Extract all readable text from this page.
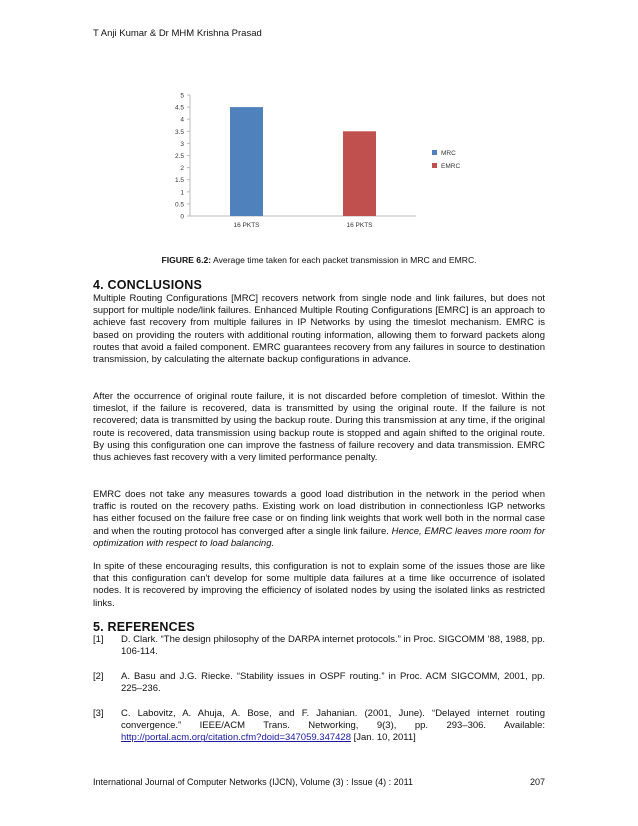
T Anji Kumar & Dr MHM Krishna Prasad
0
0.5
1
1.5
2
2.5
3
3.5
4
4.5
5
16 PKTS	16 PKTS
MRC
EMRC
FIGURE 6.2: Average time taken for each packet transmission in MRC and EMRC.
4. CONCLUSIONS

Multiple Routing Configurations [MRC] recovers network from single node and link failures, but does not support for multiple node/link failures. Enhanced Multiple Routing Configurations [EMRC] is an approach to achieve fast recovery from multiple failures in IP Networks by using the timeslot mechanism. EMRC is based on providing the routers with additional routing information, allowing them to forward packets along routes that avoid a failed component. EMRC guarantees recovery from any failures in source to destination transmission, by calculating the alternate backup configurations in advance.

After the occurrence of original route failure, it is not discarded before completion of timeslot. Within the timeslot, if the failure is recovered, data is transmitted by using the original route. If the failure is not recovered; data is transmitted by using the backup route. During this transmission at any time, if the original route is recovered, data transmission using backup route is stopped and again shifted to the original route. By using this configuration one can improve the fastness of failure recovery and data transmission. EMRC thus achieves fast recovery with a very limited performance penalty.

EMRC does not take any measures towards a good load distribution in the network in the period when traffic is routed on the recovery paths. Existing work on load distribution in connectionless IGP networks has either focused on the failure free case or on finding link weights that work well both in the normal case and when the routing protocol has converged after a single link failure. Hence, EMRC leaves more room for optimization with respect to load balancing.

In spite of these encouraging results, this configuration is not to explain some of the issues those are like that this configuration can't develop for some multiple data failures at a time like occurrence of isolated nodes. It is recovered by improving the efficiency of isolated nodes by using the isolated links as restricted links.

5. REFERENCES
[1] D. Clark. “The design philosophy of the DARPA internet protocols.” in Proc. SIGCOMM ’88, 1988, pp. 106-114.
[2] A. Basu and J.G. Riecke. “Stability issues in OSPF routing.” in Proc. ACM SIGCOMM, 2001, pp. 225–236.
[3] C. Labovitz, A. Ahuja, A. Bose, and F. Jahanian. (2001, June). “Delayed internet routing convergence.” IEEE/ACM Trans. Networking, 9(3), pp. 293–306. Available: http://portal.acm.org/citation.cfm?doid=347059.347428 [Jan. 10, 2011]
International Journal of Computer Networks (IJCN), Volume (3) : Issue (4) : 2011	207
